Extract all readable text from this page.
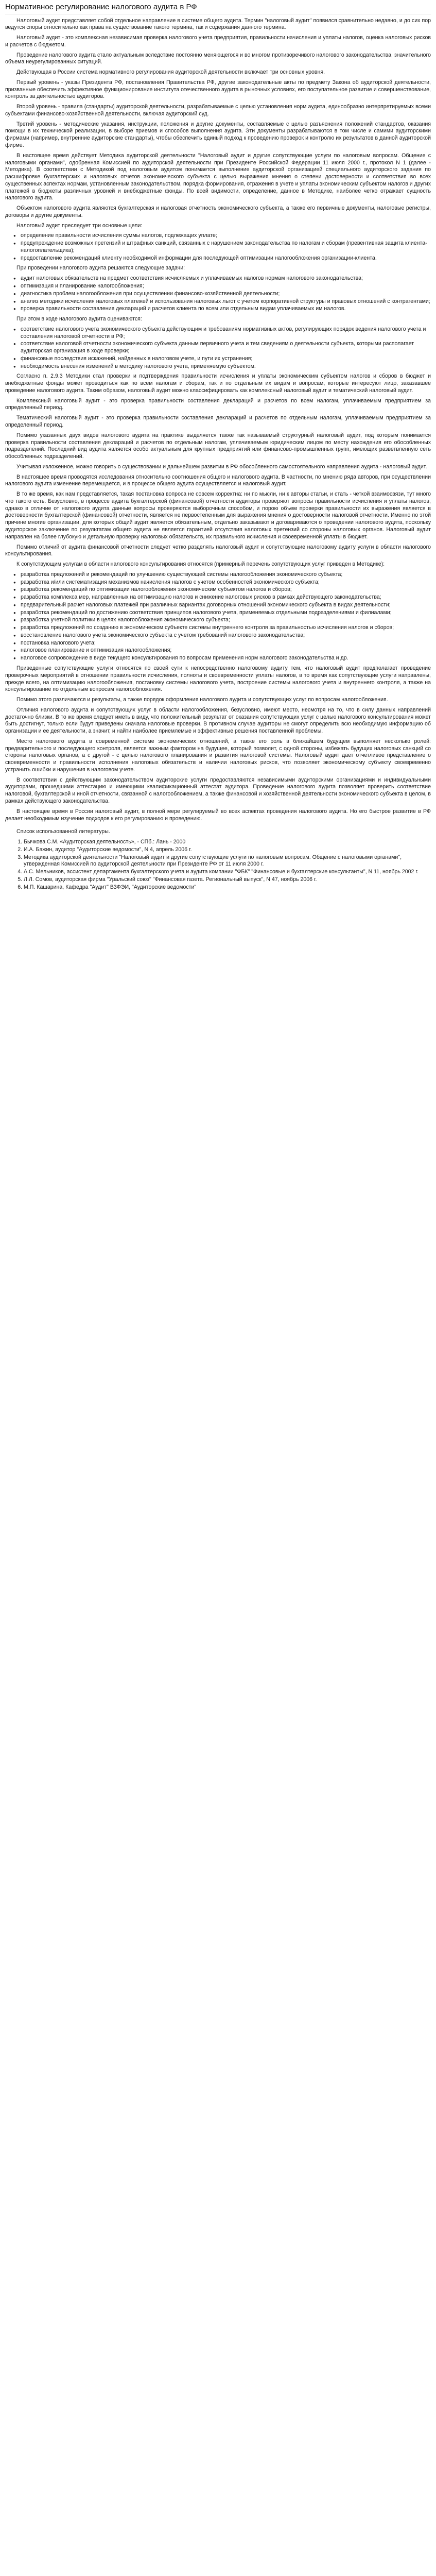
Нормативное регулирование налогового аудита в РФ

Налоговый аудит представляет собой отдельное направление в системе общего аудита. Термин "налоговый аудит" появился сравнительно недавно, и до сих пор ведутся споры относительно как права на существование такого термина, так и содержания данного термина.

Налоговый аудит - это комплексная независимая проверка налогового учета предприятия, правильности начисления и уплаты налогов, оценка налоговых рисков и расчетов с бюджетом.

Проведение налогового аудита стало актуальным вследствие постоянно меняющегося и во многом противоречивого налогового законодательства, значительного объема неурегулированных ситуаций.

Действующая в России система нормативного регулирования аудиторской деятельности включает три основных уровня.

Первый уровень - указы Президента РФ, постановления Правительства РФ, другие законодательные акты по предмету Закона об аудиторской деятельности, призванные обеспечить эффективное функционирование института отечественного аудита в рыночных условиях, его поступательное развитие и совершенствование, контроль за деятельностью аудиторов.

Второй уровень - правила (стандарты) аудиторской деятельности, разрабатываемые с целью установления норм аудита, единообразно интерпретируемых всеми субъектами финансово-хозяйственной деятельности, включая аудиторский суд.

Третий уровень - методические указания, инструкции, положения и другие документы, составляемые с целью разъяснения положений стандартов, оказания помощи в их технической реализации, в выборе приемов и способов выполнения аудита. Эти документы разрабатываются в том числе и самими аудиторскими фирмами (например, внутренние аудиторские стандарты), чтобы обеспечить единый подход к проведению проверок и контролю их результатов в данной аудиторской фирме.

В настоящее время действует Методика аудиторской деятельности "Налоговый аудит и другие сопутствующие услуги по налоговым вопросам. Общение с налоговыми органами", одобренная Комиссией по аудиторской деятельности при Президенте Российской Федерации 11 июля 2000 г., протокол N 1 (далее - Методика). В соответствии с Методикой под налоговым аудитом понимается выполнение аудиторской организацией специального аудиторского задания по расшифровке бухгалтерских и налоговых отчетов экономического субъекта с целью выражения мнения о степени достоверности и соответствия во всех существенных аспектах нормам, установленным законодательством, порядка формирования, отражения в учете и уплаты экономическим субъектом налогов и других платежей в бюджеты различных уровней и внебюджетные фонды. По всей видимости, определение, данное в Методике, наиболее четко отражает сущность налогового аудита.

Объектом налогового аудита являются бухгалтерская и налоговая отчетность экономического субъекта, а также его первичные документы, налоговые регистры, договоры и другие документы.

Налоговый аудит преследует три основные цели:

● определение правильности исчисления суммы налогов, подлежащих уплате;
● предупреждение возможных претензий и штрафных санкций, связанных с нарушением законодательства по налогам и сборам (превентивная защита клиента-налогоплательщика);
● предоставление рекомендаций клиенту необходимой информации для последующей оптимизации налогообложения организации-клиента.

При проведении налогового аудита решаются следующие задачи:

● аудит налоговых обязательств на предмет соответствия исчисляемых и уплачиваемых налогов нормам налогового законодательства;
● оптимизация и планирование налогообложения;
● диагностика проблем налогообложения при осуществлении финансово-хозяйственной деятельности;
● анализ методики исчисления налоговых платежей и использования налоговых льгот с учетом корпоративной структуры и правовых отношений с контрагентами;
● проверка правильности составления деклараций и расчетов клиента по всем или отдельным видам уплачиваемых им налогов.

При этом в ходе налогового аудита оцениваются:

● соответствие налогового учета экономического субъекта действующим и требованиям нормативных актов, регулирующих порядок ведения налогового учета и составления налоговой отчетности в РФ;
● соответствие налоговой отчетности экономического субъекта данным первичного учета и тем сведениям о деятельности субъекта, которыми располагает аудиторская организация в ходе проверки;
● финансовые последствия искажений, найденных в налоговом учете, и пути их устранения;
● необходимость внесения изменений в методику налогового учета, применяемую субъектом.

Согласно п. 2.9.3 Методики стал проверки и подтверждения правильности исчисления и уплаты экономическим субъектом налогов и сборов в бюджет и внебюджетные фонды может проводиться как по всем налогам и сборам, так и по отдельным их видам и вопросам, которые интересуют лицо, заказавшее проведение налогового аудита. Таким образом, налоговый аудит можно классифицировать как комплексный налоговый аудит и тематический налоговый аудит.

Комплексный налоговый аудит - это проверка правильности составления деклараций и расчетов по всем налогам, уплачиваемым предприятием за определенный период.

Тематический налоговый аудит - это проверка правильности составления деклараций и расчетов по отдельным налогам, уплачиваемым предприятием за определенный период.

Помимо указанных двух видов налогового аудита на практике выделяется также так называемый структурный налоговый аудит, под которым понимается проверка правильности составления деклараций и расчетов по отдельным налогам, уплачиваемым юридическим лицом по месту нахождения его обособленных подразделений. Последний вид аудита является особо актуальным для крупных предприятий или финансово-промышленных групп, имеющих разветвленную сеть обособленных подразделений.

Учитывая изложенное, можно говорить о существовании и дальнейшем развитии в РФ обособленного самостоятельного направления аудита - налоговый аудит.

В настоящее время проводятся исследования относительно соотношения общего и налогового аудита. В частности, по мнению ряда авторов, при осуществлении налогового аудита изменение перемещается, и в процессе общего аудита осуществляется и налоговый аудит.

В то же время, как нам представляется, такая постановка вопроса не совсем корректна: ни по мысли, ни к авторы статьи, и стать - четкой взаимосвязи, тут много что такого есть. Безусловно, в процессе аудита бухгалтерской (финансовой) отчетности аудиторы проверяют вопросы правильности исчисления и уплаты налогов, однако в отличие от налогового аудита данные вопросы проверяются выборочным способом, и порою объем проверки правильности их выражения является в достоверности бухгалтерской (финансовой) отчетности, является не первостепенным для выражения мнения о достоверности налоговой отчетности. Именно по этой причине многие организации, для которых общий аудит является обязательным, отдельно заказывают и договариваются о проведении налогового аудита, поскольку аудиторское заключение по результатам общего аудита не является гарантией отсутствия налоговых претензий со стороны налоговых органов. Налоговый аудит направлен на более глубокую и детальную проверку налоговых обязательств, их правильного исчисления и своевременной уплаты в бюджет.

Помимо отличий от аудита финансовой отчетности следует четко разделять налоговый аудит и сопутствующие налоговому аудиту услуги в области налогового консультирования.

К сопутствующим услугам в области налогового консультирования относятся (примерный перечень сопутствующих услуг приведен в Методике):

● разработка предложений и рекомендаций по улучшению существующей системы налогообложения экономического субъекта;
● разработка и/или систематизация механизмов начисления налогов с учетом особенностей экономического субъекта;
● разработка рекомендаций по оптимизации налогообложения экономическим субъектом налогов и сборов;
● разработка комплекса мер, направленных на оптимизацию налогов и снижение налоговых рисков в рамках действующего законодательства;
● предварительный расчет налоговых платежей при различных вариантах договорных отношений экономического субъекта в видах деятельности;
● разработка рекомендаций по достижению соответствия принципов налогового учета, применяемых отдельными подразделениями и филиалами;
● разработка учетной политики в целях налогообложения экономического субъекта;
● разработка предложений по созданию в экономическом субъекте системы внутреннего контроля за правильностью исчисления налогов и сборов;
● восстановление налогового учета экономического субъекта с учетом требований налогового законодательства;
● постановка налогового учета;
● налоговое планирование и оптимизация налогообложения;
● налоговое сопровождение в виде текущего консультирования по вопросам применения норм налогового законодательства и др.

Приведенные сопутствующие услуги относятся по своей сути к непосредственно налоговому аудиту тем, что налоговый аудит предполагает проведение проверочных мероприятий в отношении правильности исчисления, полноты и своевременности уплаты налогов, в то время как сопутствующие услуги направлены, прежде всего, на оптимизацию налогообложения, постановку системы налогового учета, построение системы налогового учета и внутреннего контроля, а также на консультирование по отдельным вопросам налогообложения.

Помимо этого различаются и результаты, а также порядок оформления налогового аудита и сопутствующих услуг по вопросам налогообложения.

Отличия налогового аудита и сопутствующих услуг в области налогообложения, безусловно, имеют место, несмотря на то, что в силу данных направлений достаточно близки. В то же время следует иметь в виду, что положительный результат от оказания сопутствующих услуг с целью налогового консультирования может быть достигнут, только если будут приведены сначала налоговые проверки. В противном случае аудиторы не смогут определить всю необходимую информацию об организации и ее деятельности, а значит, и найти наиболее приемлемые и эффективные решения поставленной проблемы.

Место налогового аудита в современной системе экономических отношений, а также его роль в ближайшем будущем выполняет несколько ролей: предварительного и последующего контроля, является важным фактором на будущее, который позволит, с одной стороны, избежать будущих налоговых санкций со стороны налоговых органов, а с другой - с целью налогового планирования и развития налоговой системы. Налоговый аудит дает отчетливое представление о своевременности и правильности исполнения налоговых обязательств и наличии налоговых рисков, что позволяет экономическому субъекту своевременно устранить ошибки и нарушения в налоговом учете.

В соответствии с действующим законодательством аудиторские услуги предоставляются независимыми аудиторскими организациями и индивидуальными аудиторами, прошедшими аттестацию и имеющими квалификационный аттестат аудитора. Проведение налогового аудита позволяет проверить соответствие налоговой, бухгалтерской и иной отчетности, связанной с налогообложением, а также финансовой и хозяйственной деятельности экономического субъекта в целом, в рамках действующего законодательства.

В настоящее время в России налоговый аудит, в полной мере регулируемый во всех аспектах проведения налогового аудита. Но его быстрое развитие в РФ делает необходимым изучение подходов к его регулированию и проведению.

Список использованной литературы.

1. Бычкова С.М. «Аудиторская деятельность», - СПб.: Лань - 2000
2. И.А. Бажин, аудитор "Аудиторские ведомости", N 4, апрель 2006 г.
3. Методика аудиторской деятельности "Налоговый аудит и другие сопутствующие услуги по налоговым вопросам. Общение с налоговыми органами", утвержденная Комиссией по аудиторской деятельности при Президенте РФ от 11 июля 2000 г.
4. А.С. Мельников, ассистент департамента бухгалтерского учета и аудита компании "ФБК" "Финансовые и бухгалтерские консультанты", N 11, ноябрь 2002 г.
5. Л.Л. Сомов, аудиторская фирма "Уральский союз" "Финансовая газета. Региональный выпуск", N 47, ноябрь 2006 г.
6. М.П. Кашарина, Кафедра "Аудит" ВЗФЭИ, "Аудиторские ведомости"
